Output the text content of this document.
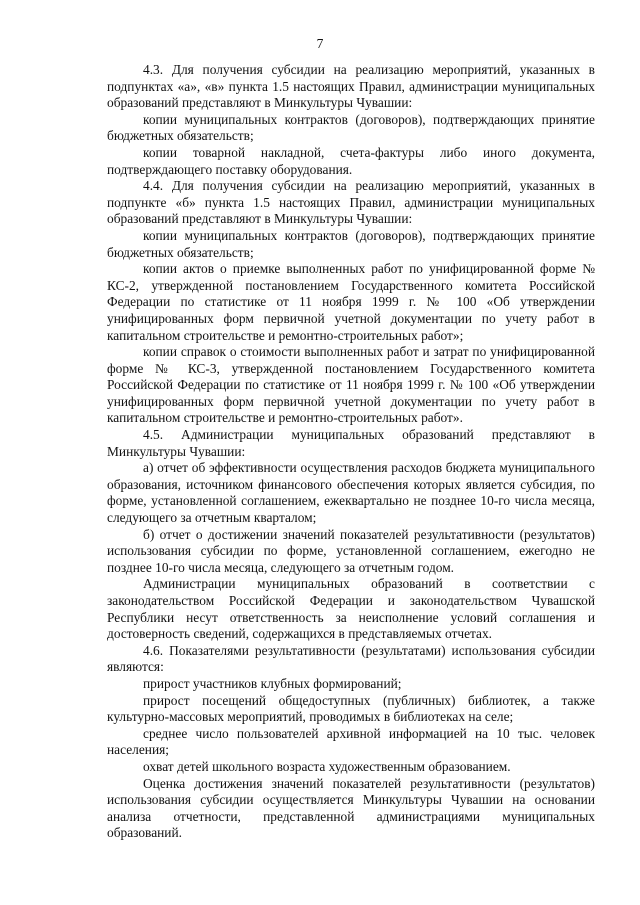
7

4.3. Для получения субсидии на реализацию мероприятий, указанных в подпунктах «а», «в» пункта 1.5 настоящих Правил, администрации муниципальных образований представляют в Минкультуры Чувашии:

копии муниципальных контрактов (договоров), подтверждающих принятие бюджетных обязательств;

копии товарной накладной, счета-фактуры либо иного документа, подтверждающего поставку оборудования.

4.4. Для получения субсидии на реализацию мероприятий, указанных в подпункте «б» пункта 1.5 настоящих Правил, администрации муниципальных образований представляют в Минкультуры Чувашии:

копии муниципальных контрактов (договоров), подтверждающих принятие бюджетных обязательств;

копии актов о приемке выполненных работ по унифицированной форме № КС-2, утвержденной постановлением Государственного комитета Российской Федерации по статистике от 11 ноября 1999 г. № 100 «Об утверждении унифицированных форм первичной учетной документации по учету работ в капитальном строительстве и ремонтно-строительных работ»;

копии справок о стоимости выполненных работ и затрат по унифицированной форме № КС-3, утвержденной постановлением Государственного комитета Российской Федерации по статистике от 11 ноября 1999 г. № 100 «Об утверждении унифицированных форм первичной учетной документации по учету работ в капитальном строительстве и ремонтно-строительных работ».

4.5. Администрации муниципальных образований представляют в Минкультуры Чувашии:

а) отчет об эффективности осуществления расходов бюджета муниципального образования, источником финансового обеспечения которых является субсидия, по форме, установленной соглашением, ежеквартально не позднее 10-го числа месяца, следующего за отчетным кварталом;

б) отчет о достижении значений показателей результативности (результатов) использования субсидии по форме, установленной соглашением, ежегодно не позднее 10-го числа месяца, следующего за отчетным годом.

Администрации муниципальных образований в соответствии с законодательством Российской Федерации и законодательством Чувашской Республики несут ответственность за неисполнение условий соглашения и достоверность сведений, содержащихся в представляемых отчетах.

4.6. Показателями результативности (результатами) использования субсидии являются:

прирост участников клубных формирований;

прирост посещений общедоступных (публичных) библиотек, а также культурно-массовых мероприятий, проводимых в библиотеках на селе;

среднее число пользователей архивной информацией на 10 тыс. человек населения;

охват детей школьного возраста художественным образованием.

Оценка достижения значений показателей результативности (результатов) использования субсидии осуществляется Минкультуры Чувашии на основании анализа отчетности, представленной администрациями муниципальных образований.
